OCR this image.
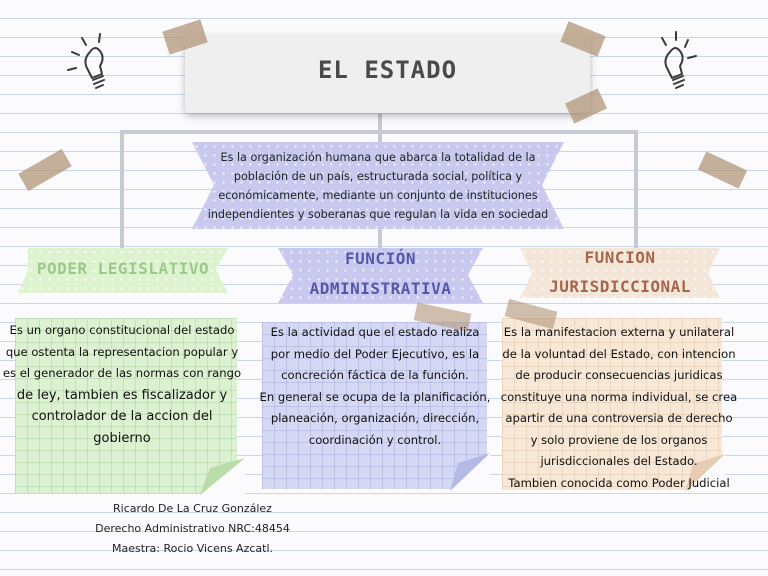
EL ESTADO
Es la organización humana que abarca la totalidad de la
población de un país, estructurada social, política y
económicamente, mediante un conjunto de instituciones
independientes y soberanas que regulan la vida en sociedad
PODER LEGISLATIVO
FUNCIÓN
ADMINISTRATIVA
FUNCION
JURISDICCIONAL
Es un organo constitucional del estado
que ostenta la representacion popular y
es el generador de las normas con rango
de ley, tambien es fiscalizador y
controlador de la accion del gobierno
Es la actividad que el estado realiza
por medio del Poder Ejecutivo, es la
concreción fáctica de la función.
En general se ocupa de la planificación,
planeación, organización, dirección,
coordinación y control.
Es la manifestacion externa y unilateral
de la voluntad del Estado, con intencion
de producir consecuencias juridicas
constituye una norma individual, se crea
apartir de una controversia de derecho
y solo proviene de los organos
jurisdiccionales del Estado.
Tambien conocida como Poder Judicial
Ricardo De La Cruz González
Derecho Administrativo NRC:48454
Maestra: Rocio Vicens Azcatl.
